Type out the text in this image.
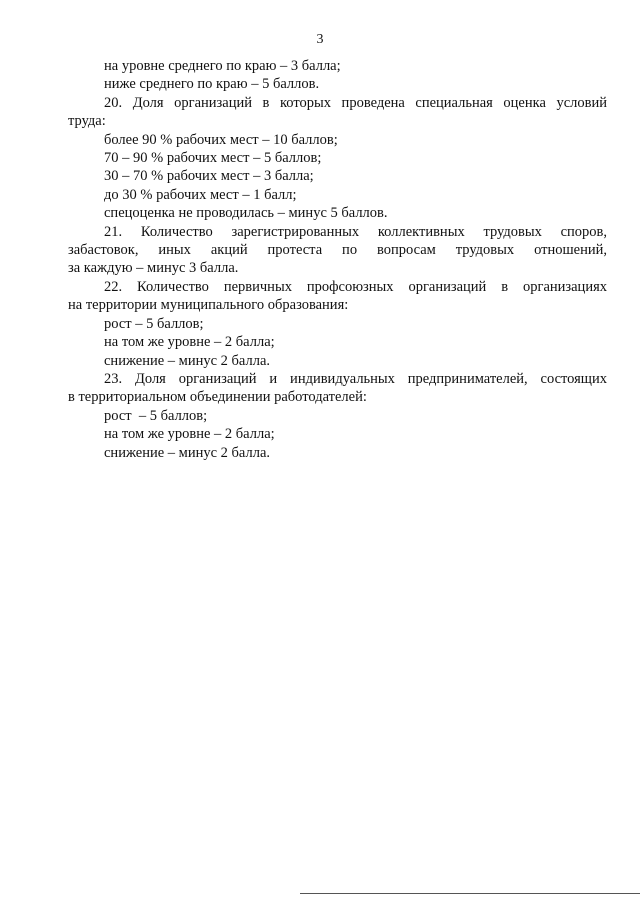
3
на уровне среднего по краю – 3 балла;
ниже среднего по краю – 5 баллов.
20. Доля организаций в которых проведена специальная оценка условий
труда:
более 90 % рабочих мест – 10 баллов;
70 – 90 % рабочих мест – 5 баллов;
30 – 70 % рабочих мест – 3 балла;
до 30 % рабочих мест – 1 балл;
спецоценка не проводилась – минус 5 баллов.
21. Количество зарегистрированных коллективных трудовых споров,
забастовок, иных акций протеста по вопросам трудовых отношений,
за каждую – минус 3 балла.
22. Количество первичных профсоюзных организаций в организациях
на территории муниципального образования:
рост – 5 баллов;
на том же уровне – 2 балла;
снижение – минус 2 балла.
23. Доля организаций и индивидуальных предпринимателей, состоящих
в территориальном объединении работодателей:
рост  – 5 баллов;
на том же уровне – 2 балла;
снижение – минус 2 балла.
